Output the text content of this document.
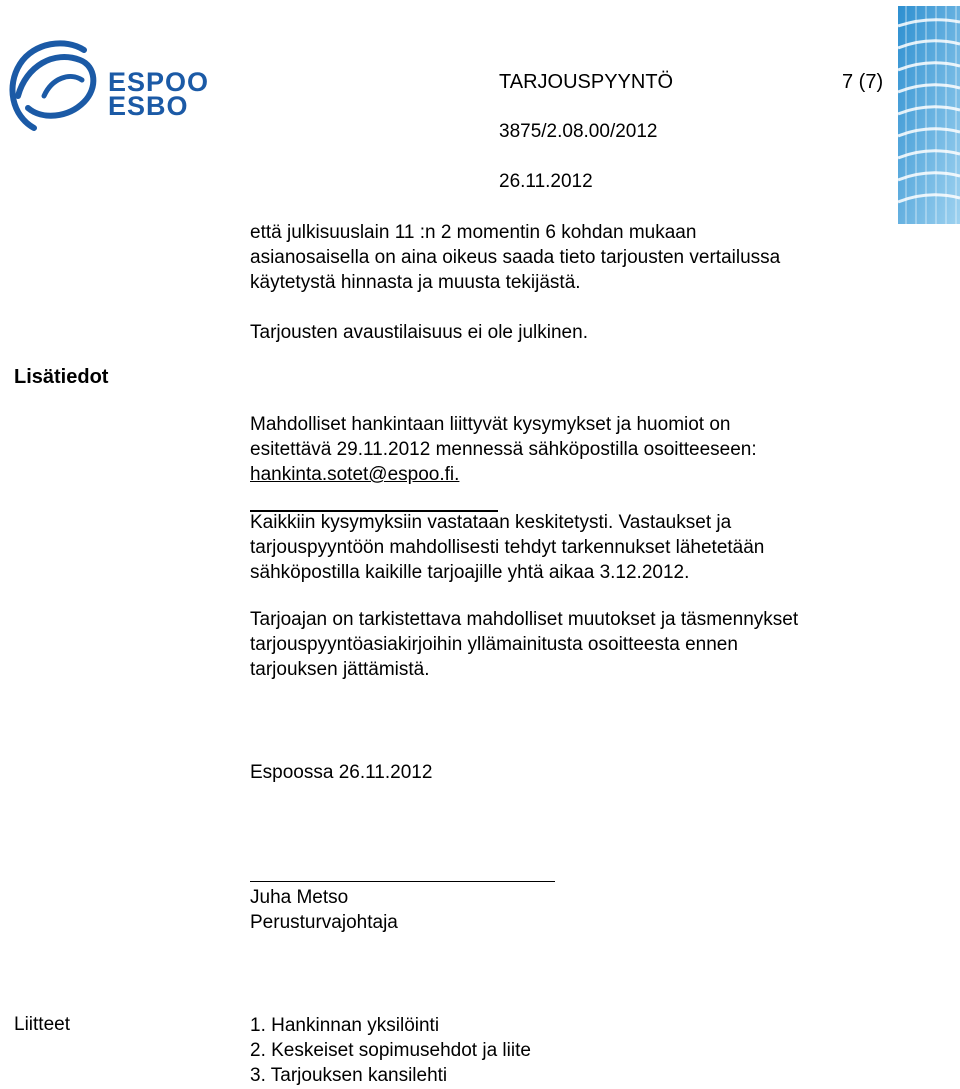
ESPOO
ESBO
TARJOUSPYYNTÖ	7 (7)
3875/2.08.00/2012
26.11.2012

että julkisuuslain 11 :n 2 momentin 6 kohdan mukaan

asianosaisella on aina oikeus saada tieto tarjousten vertailussa

käytetystä hinnasta ja muusta tekijästä.

Tarjousten avaustilaisuus ei ole julkinen.
Lisätiedot

Mahdolliset hankintaan liittyvät kysymykset ja huomiot on

esitettävä 29.11.2012 mennessä sähköpostilla osoitteeseen:

hankinta.sotet@espoo.fi.

Kaikkiin kysymyksiin vastataan keskitetysti. Vastaukset ja

tarjouspyyntöön mahdollisesti tehdyt tarkennukset lähetetään

sähköpostilla kaikille tarjoajille yhtä aikaa 3.12.2012.

Tarjoajan on tarkistettava mahdolliset muutokset ja täsmennykset

tarjouspyyntöasiakirjoihin yllämainitusta osoitteesta ennen

tarjouksen jättämistä.

Espoossa 26.11.2012
Juha Metso
Perusturvajohtaja
Liitteet	1. Hankinnan yksilöinti

2. Keskeiset sopimusehdot ja liite

3. Tarjouksen kansilehti
